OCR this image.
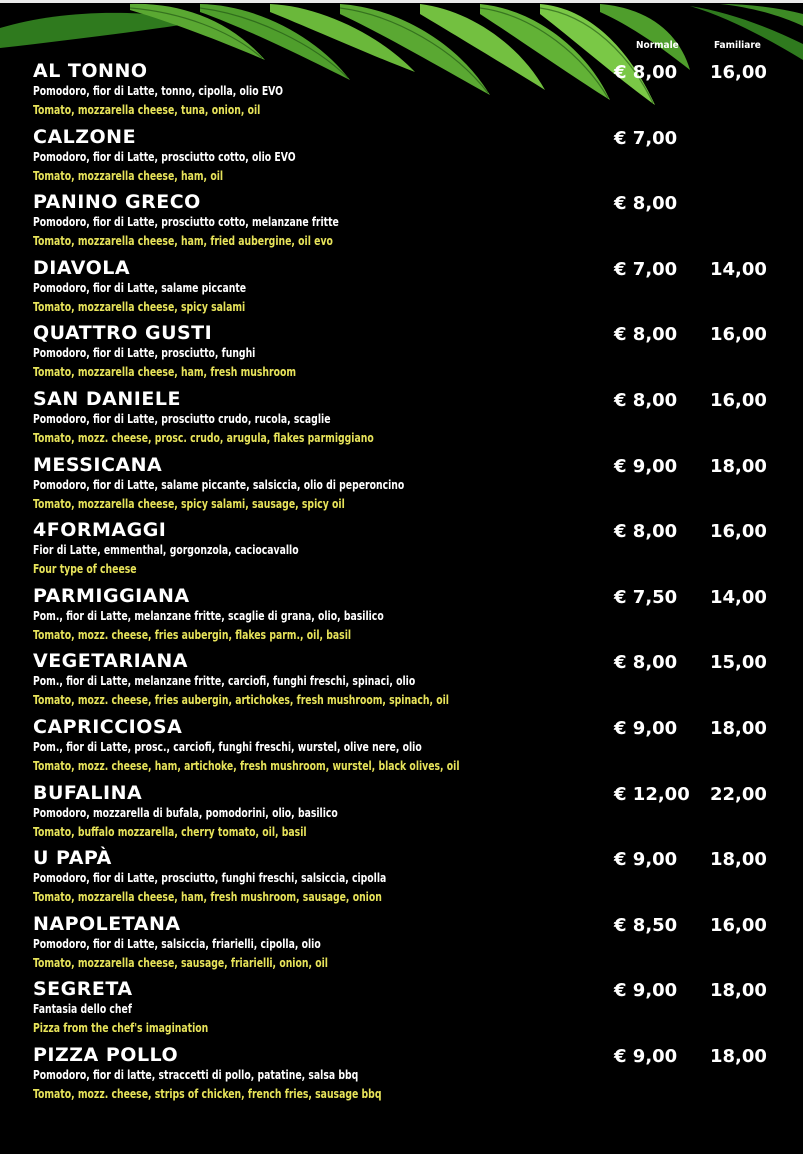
Normale	Familiare
AL TONNO
Pomodoro, fior di Latte, tonno, cipolla, olio EVO
Tomato, mozzarella cheese, tuna, onion, oil
€ 8,00 16,00
CALZONE
Pomodoro, fior di Latte, prosciutto cotto, olio EVO
Tomato, mozzarella cheese, ham, oil
€ 7,00
PANINO GRECO
Pomodoro, fior di Latte, prosciutto cotto, melanzane fritte
Tomato, mozzarella cheese, ham, fried aubergine, oil evo
€ 8,00
DIAVOLA
Pomodoro, fior di Latte, salame piccante
Tomato, mozzarella cheese, spicy salami
€ 7,00 14,00
QUATTRO GUSTI
Pomodoro, fior di Latte, prosciutto, funghi
Tomato, mozzarella cheese, ham, fresh mushroom
€ 8,00 16,00
SAN DANIELE
Pomodoro, fior di Latte, prosciutto crudo, rucola, scaglie
Tomato, mozz. cheese, prosc. crudo, arugula, flakes parmiggiano
€ 8,00 16,00
MESSICANA
Pomodoro, fior di Latte, salame piccante, salsiccia, olio di peperoncino
Tomato, mozzarella cheese, spicy salami, sausage, spicy oil
€ 9,00 18,00
4FORMAGGI
Fior di Latte, emmenthal, gorgonzola, caciocavallo
Four type of cheese
€ 8,00 16,00
PARMIGGIANA
Pom., fior di Latte, melanzane fritte, scaglie di grana, olio, basilico
Tomato, mozz. cheese, fries aubergin, flakes parm., oil, basil
€ 7,50 14,00
VEGETARIANA
Pom., fior di Latte, melanzane fritte, carciofi, funghi freschi, spinaci, olio
Tomato, mozz. cheese, fries aubergin, artichokes, fresh mushroom, spinach, oil
€ 8,00 15,00
CAPRICCIOSA
Pom., fior di Latte, prosc., carciofi, funghi freschi, wurstel, olive nere, olio
Tomato, mozz. cheese, ham, artichoke, fresh mushroom, wurstel, black olives, oil
€ 9,00 18,00
BUFALINA
Pomodoro, mozzarella di bufala, pomodorini, olio, basilico
Tomato, buffalo mozzarella, cherry tomato, oil, basil
€ 12,00 22,00
U PAPÀ
Pomodoro, fior di Latte, prosciutto, funghi freschi, salsiccia, cipolla
Tomato, mozzarella cheese, ham, fresh mushroom, sausage, onion
€ 9,00 18,00
NAPOLETANA
Pomodoro, fior di Latte, salsiccia, friarielli, cipolla, olio
Tomato, mozzarella cheese, sausage, friarielli, onion, oil
€ 8,50 16,00
SEGRETA
Fantasia dello chef
Pizza from the chef's imagination
€ 9,00 18,00
PIZZA POLLO
Pomodoro, fior di latte, straccetti di pollo, patatine, salsa bbq
Tomato, mozz. cheese, strips of chicken, french fries, sausage bbq
€ 9,00 18,00
